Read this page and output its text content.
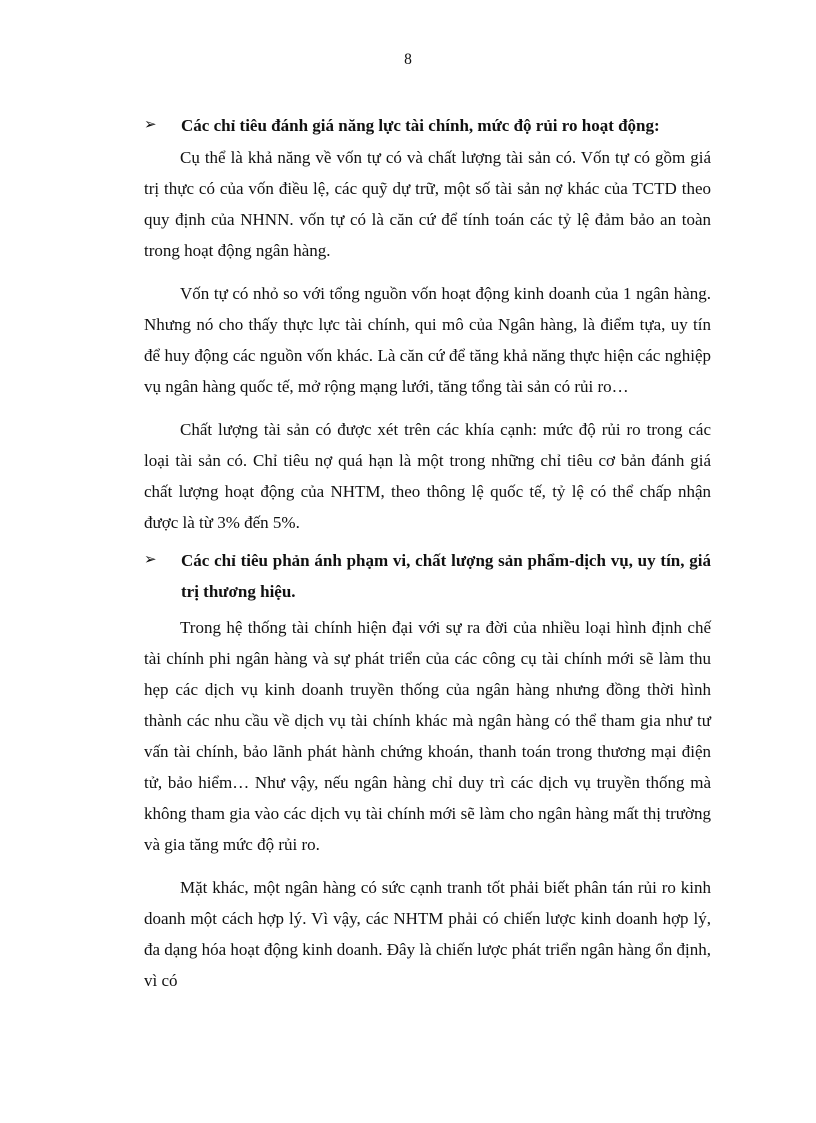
8
➢ Các chỉ tiêu đánh giá năng lực tài chính, mức độ rủi ro hoạt động:

Cụ thể là khả năng về vốn tự có và chất lượng tài sản có. Vốn tự có gồm giá trị thực có của vốn điều lệ, các quỹ dự trữ, một số tài sản nợ khác của TCTD theo quy định của NHNN. vốn tự có là căn cứ để tính toán các tỷ lệ đảm bảo an toàn trong hoạt động ngân hàng.

Vốn tự có nhỏ so với tổng nguồn vốn hoạt động kinh doanh của 1 ngân hàng. Nhưng nó cho thấy thực lực tài chính, qui mô của Ngân hàng, là điểm tựa, uy tín để huy động các nguồn vốn khác. Là căn cứ để tăng khả năng thực hiện các nghiệp vụ ngân hàng quốc tế, mở rộng mạng lưới, tăng tổng tài sản có rủi ro…

Chất lượng tài sản có được xét trên các khía cạnh: mức độ rủi ro trong các loại tài sản có. Chỉ tiêu nợ quá hạn là một trong những chỉ tiêu cơ bản đánh giá chất lượng hoạt động của NHTM, theo thông lệ quốc tế, tỷ lệ có thể chấp nhận được là từ 3% đến 5%.

➢ Các chỉ tiêu phản ánh phạm vi, chất lượng sản phẩm-dịch vụ, uy tín, giá trị thương hiệu.

Trong hệ thống tài chính hiện đại với sự ra đời của nhiều loại hình định chế tài chính phi ngân hàng và sự phát triển của các công cụ tài chính mới sẽ làm thu hẹp các dịch vụ kinh doanh truyền thống của ngân hàng nhưng đồng thời hình thành các nhu cầu về dịch vụ tài chính khác mà ngân hàng có thể tham gia như tư vấn tài chính, bảo lãnh phát hành chứng khoán, thanh toán trong thương mại điện tử, bảo hiểm… Như vậy, nếu ngân hàng chỉ duy trì các dịch vụ truyền thống mà không tham gia vào các dịch vụ tài chính mới sẽ làm cho ngân hàng mất thị trường và gia tăng mức độ rủi ro.

Mặt khác, một ngân hàng có sức cạnh tranh tốt phải biết phân tán rủi ro kinh doanh một cách hợp lý. Vì vậy, các NHTM phải có chiến lược kinh doanh hợp lý, đa dạng hóa hoạt động kinh doanh. Đây là chiến lược phát triển ngân hàng ổn định, vì có
